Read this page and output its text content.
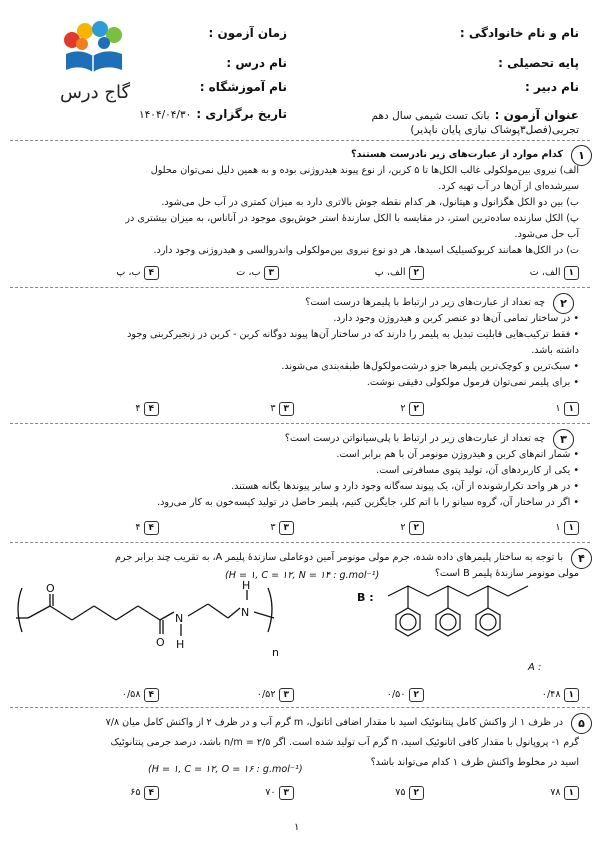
نام و نام خانوادگی :
پایه تحصیلی :
نام دبیر :
عنوان آزمون : بانک تست شیمی سال دهم
تجربی(فصل۳پوشاک نیازی پایان ناپذیر)
زمان آزمون :
نام درس :
نام آموزشگاه :
تاریخ برگزاری : ۱۴۰۴/۰۴/۳۰
گاج درس
۱
کدام موارد از عبارت‌های زیر نادرست هستند؟
الف) نیروی بین‌مولکولی غالب الکل‌ها تا ۵ کربن، از نوع پیوند هیدروژنی بوده و به همین دلیل نمی‌توان محلول
سیرشده‌ای از آن‌ها در آب تهیه کرد.
ب) بین دو الکل هگزانول و هپتانول، هر کدام نقطه جوش بالاتری دارد به میزان کمتری در آب حل می‌شود.
پ) الکل سازنده ساده‌ترین استر، در مقایسه با الکل سازندهٔ استر خوش‌بوی موجود در آناناس، به میزان بیشتری در
آب حل می‌شود.
ت) در الکل‌ها همانند کربوکسیلیک اسیدها، هر دو نوع نیروی بین‌مولکولی واندروالسی و هیدروژنی وجود دارد.
۱الف، ت
۲الف، پ
۳ب، ت
۴ب، پ
۲
چه تعداد از عبارت‌های زیر در ارتباط با پلیمرها درست است؟
• در ساختار تمامی آن‌ها دو عنصر کربن و هیدروژن وجود دارد.
• فقط ترکیب‌هایی قابلیت تبدیل به پلیمر را دارند که در ساختار آن‌ها پیوند دوگانه کربن - کربن در زنجیرکربنی وجود
داشته باشد.
• سبک‌ترین و کوچک‌ترین پلیمرها جزو درشت‌مولکول‌ها طبقه‌بندی می‌شوند.
• برای پلیمر نمی‌توان فرمول مولکولی دقیقی نوشت.
۱۱
۲۲
۳۳
۴۴
۳
چه تعداد از عبارت‌های زیر در ارتباط با پلی‌سیانواتن درست است؟
• شمار اتم‌های کربن و هیدروژن مونومر آن با هم برابر است.
• یکی از کاربردهای آن، تولید پتوی مسافرتی است.
• در هر واحد تکرارشونده از آن، یک پیوند سه‌گانه وجود دارد و سایر پیوندها یگانه هستند.
• اگر در ساختار آن، گروه سیانو را با اتم کلر، جایگزین کنیم، پلیمر حاصل در تولید کیسه‌خون به کار می‌رود.
۱۱
۲۲
۳۳
۴۴
۴
با توجه به ساختار پلیمرهای داده شده، جرم مولی مونومر آمین دوعاملی سازندهٔ پلیمر A، به تقریب چند برابر جرم
مولی مونومر سازندهٔ پلیمر B است؟
(H = ۱, C = ۱۲, N = ۱۴ : g.mol⁻¹)
O
O
N
H
N
H
n
B :
A :
۱۰/۴۸
۲۰/۵۰
۳۰/۵۲
۴۰/۵۸
۵
در ظرف ۱ از واکنش کامل پنتانوئیک اسید با مقدار اضافی اتانول، m گرم آب و در ظرف ۲ از واکنش کامل میان ۷/۸
گرم ۱- پروپانول با مقدار کافی اتانوئیک اسید، n گرم آب تولید شده است. اگر n/m = ۲/۵ باشد، درصد جرمی پنتانوئیک
اسید در مخلوط واکنش ظرف ۱ کدام می‌تواند باشد؟
(H = ۱, C = ۱۲, O = ۱۶ : g.mol⁻¹)
۱۷۸
۲۷۵
۳۷۰
۴۶۵
۱
